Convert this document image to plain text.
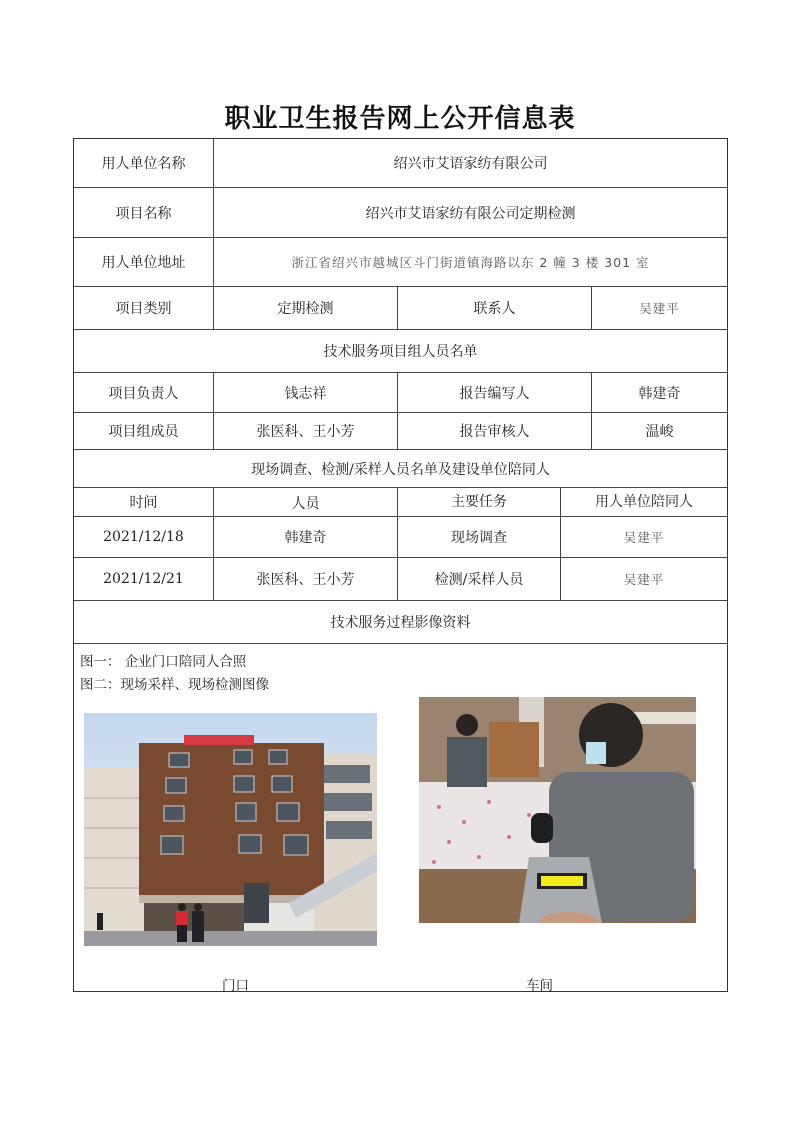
职业卫生报告网上公开信息表
用人单位名称	绍兴市艾语家纺有限公司
项目名称	绍兴市艾语家纺有限公司定期检测
用人单位地址	浙江省绍兴市越城区斗门街道镇海路以东 2 幢 3 楼 301 室
项目类别	定期检测	联系人	吴建平
技术服务项目组人员名单
项目负责人	钱志祥	报告编写人	韩建奇
项目组成员	张医科、王小芳	报告审核人	温峻
现场调查、检测/采样人员名单及建设单位陪同人
时间	人员	主要任务	用人单位陪同人
2021/12/18	韩建奇	现场调查	吴建平
2021/12/21	张医科、王小芳	检测/采样人员	吴建平
技术服务过程影像资料
图一： 企业门口陪同人合照
图二：现场采样、现场检测图像
门口	车间
